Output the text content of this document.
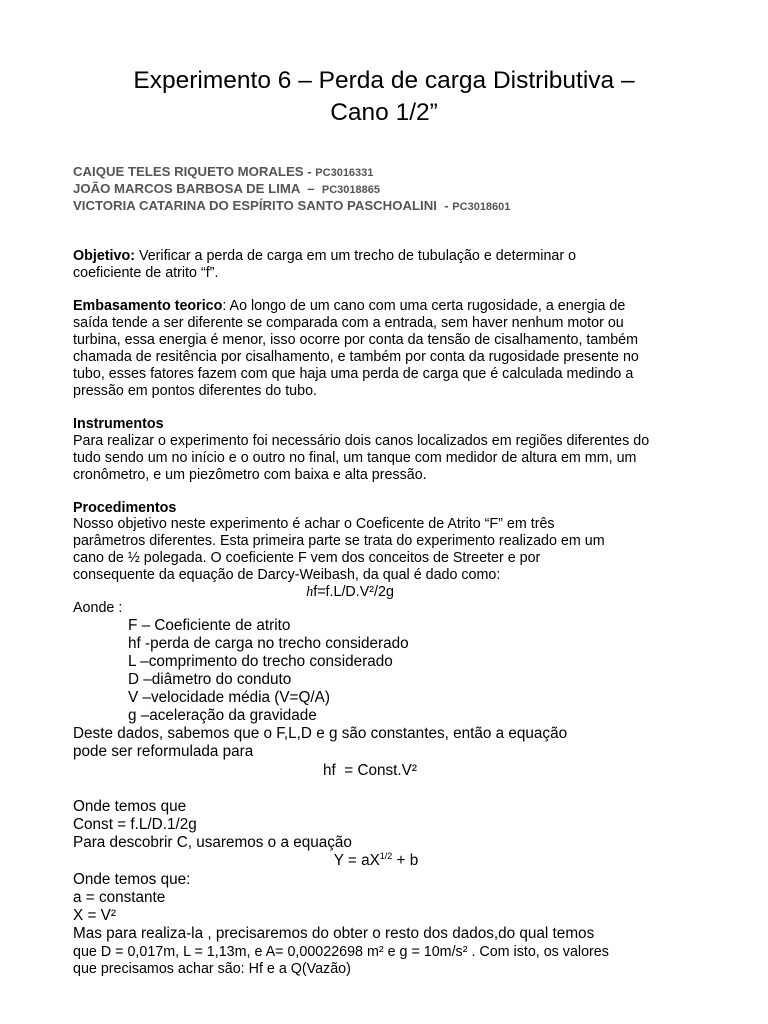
Experimento 6 – Perda de carga Distributiva –
Cano 1/2”
CAIQUE TELES RIQUETO MORALES - PC3016331
JOÃO MARCOS BARBOSA DE LIMA  –  PC3018865
VICTORIA CATARINA DO ESPÍRITO SANTO PASCHOALINI  - PC3018601
Objetivo: Verificar a perda de carga em um trecho de tubulação e determinar o
coeficiente de atrito “f”.
Embasamento teorico: Ao longo de um cano com uma certa rugosidade, a energia de
saída tende a ser diferente se comparada com a entrada, sem haver nenhum motor ou
turbina, essa energia é menor, isso ocorre por conta da tensão de cisalhamento, também
chamada de resitência por cisalhamento, e também por conta da rugosidade presente no
tubo, esses fatores fazem com que haja uma perda de carga que é calculada medindo a
pressão em pontos diferentes do tubo.
Instrumentos
Para realizar o experimento foi necessário dois canos localizados em regiões diferentes do
tudo sendo um no início e o outro no final, um tanque com medidor de altura em mm, um
cronômetro, e um piezômetro com baixa e alta pressão.
Procedimentos
Nosso objetivo neste experimento é achar o Coeficente de Atrito “F” em três
parâmetros diferentes. Esta primeira parte se trata do experimento realizado em um
cano de ½ polegada. O coeficiente F vem dos conceitos de Streeter e por
consequente da equação de Darcy-Weibash, da qual é dado como:
hf=f.L/D.V²/2g
Aonde :
F – Coeficiente de atrito
hf -perda de carga no trecho considerado
L –comprimento do trecho considerado
D –diâmetro do conduto
V –velocidade média (V=Q/A)
g –aceleração da gravidade
Deste dados, sabemos que o F,L,D e g são constantes, então a equação
pode ser reformulada para
hf  = Const.V²
Onde temos que
Const = f.L/D.1/2g
Para descobrir C, usaremos o a equação
$Y = aX^{1/2} + b$
Onde temos que:
a = constante
X = V²
Mas para realiza-la , precisaremos do obter o resto dos dados,do qual temos
que D = 0,017m, L = 1,13m, e A= 0,00022698 m² e g = 10m/s² . Com isto, os valores
que precisamos achar são: Hf e a Q(Vazão)
